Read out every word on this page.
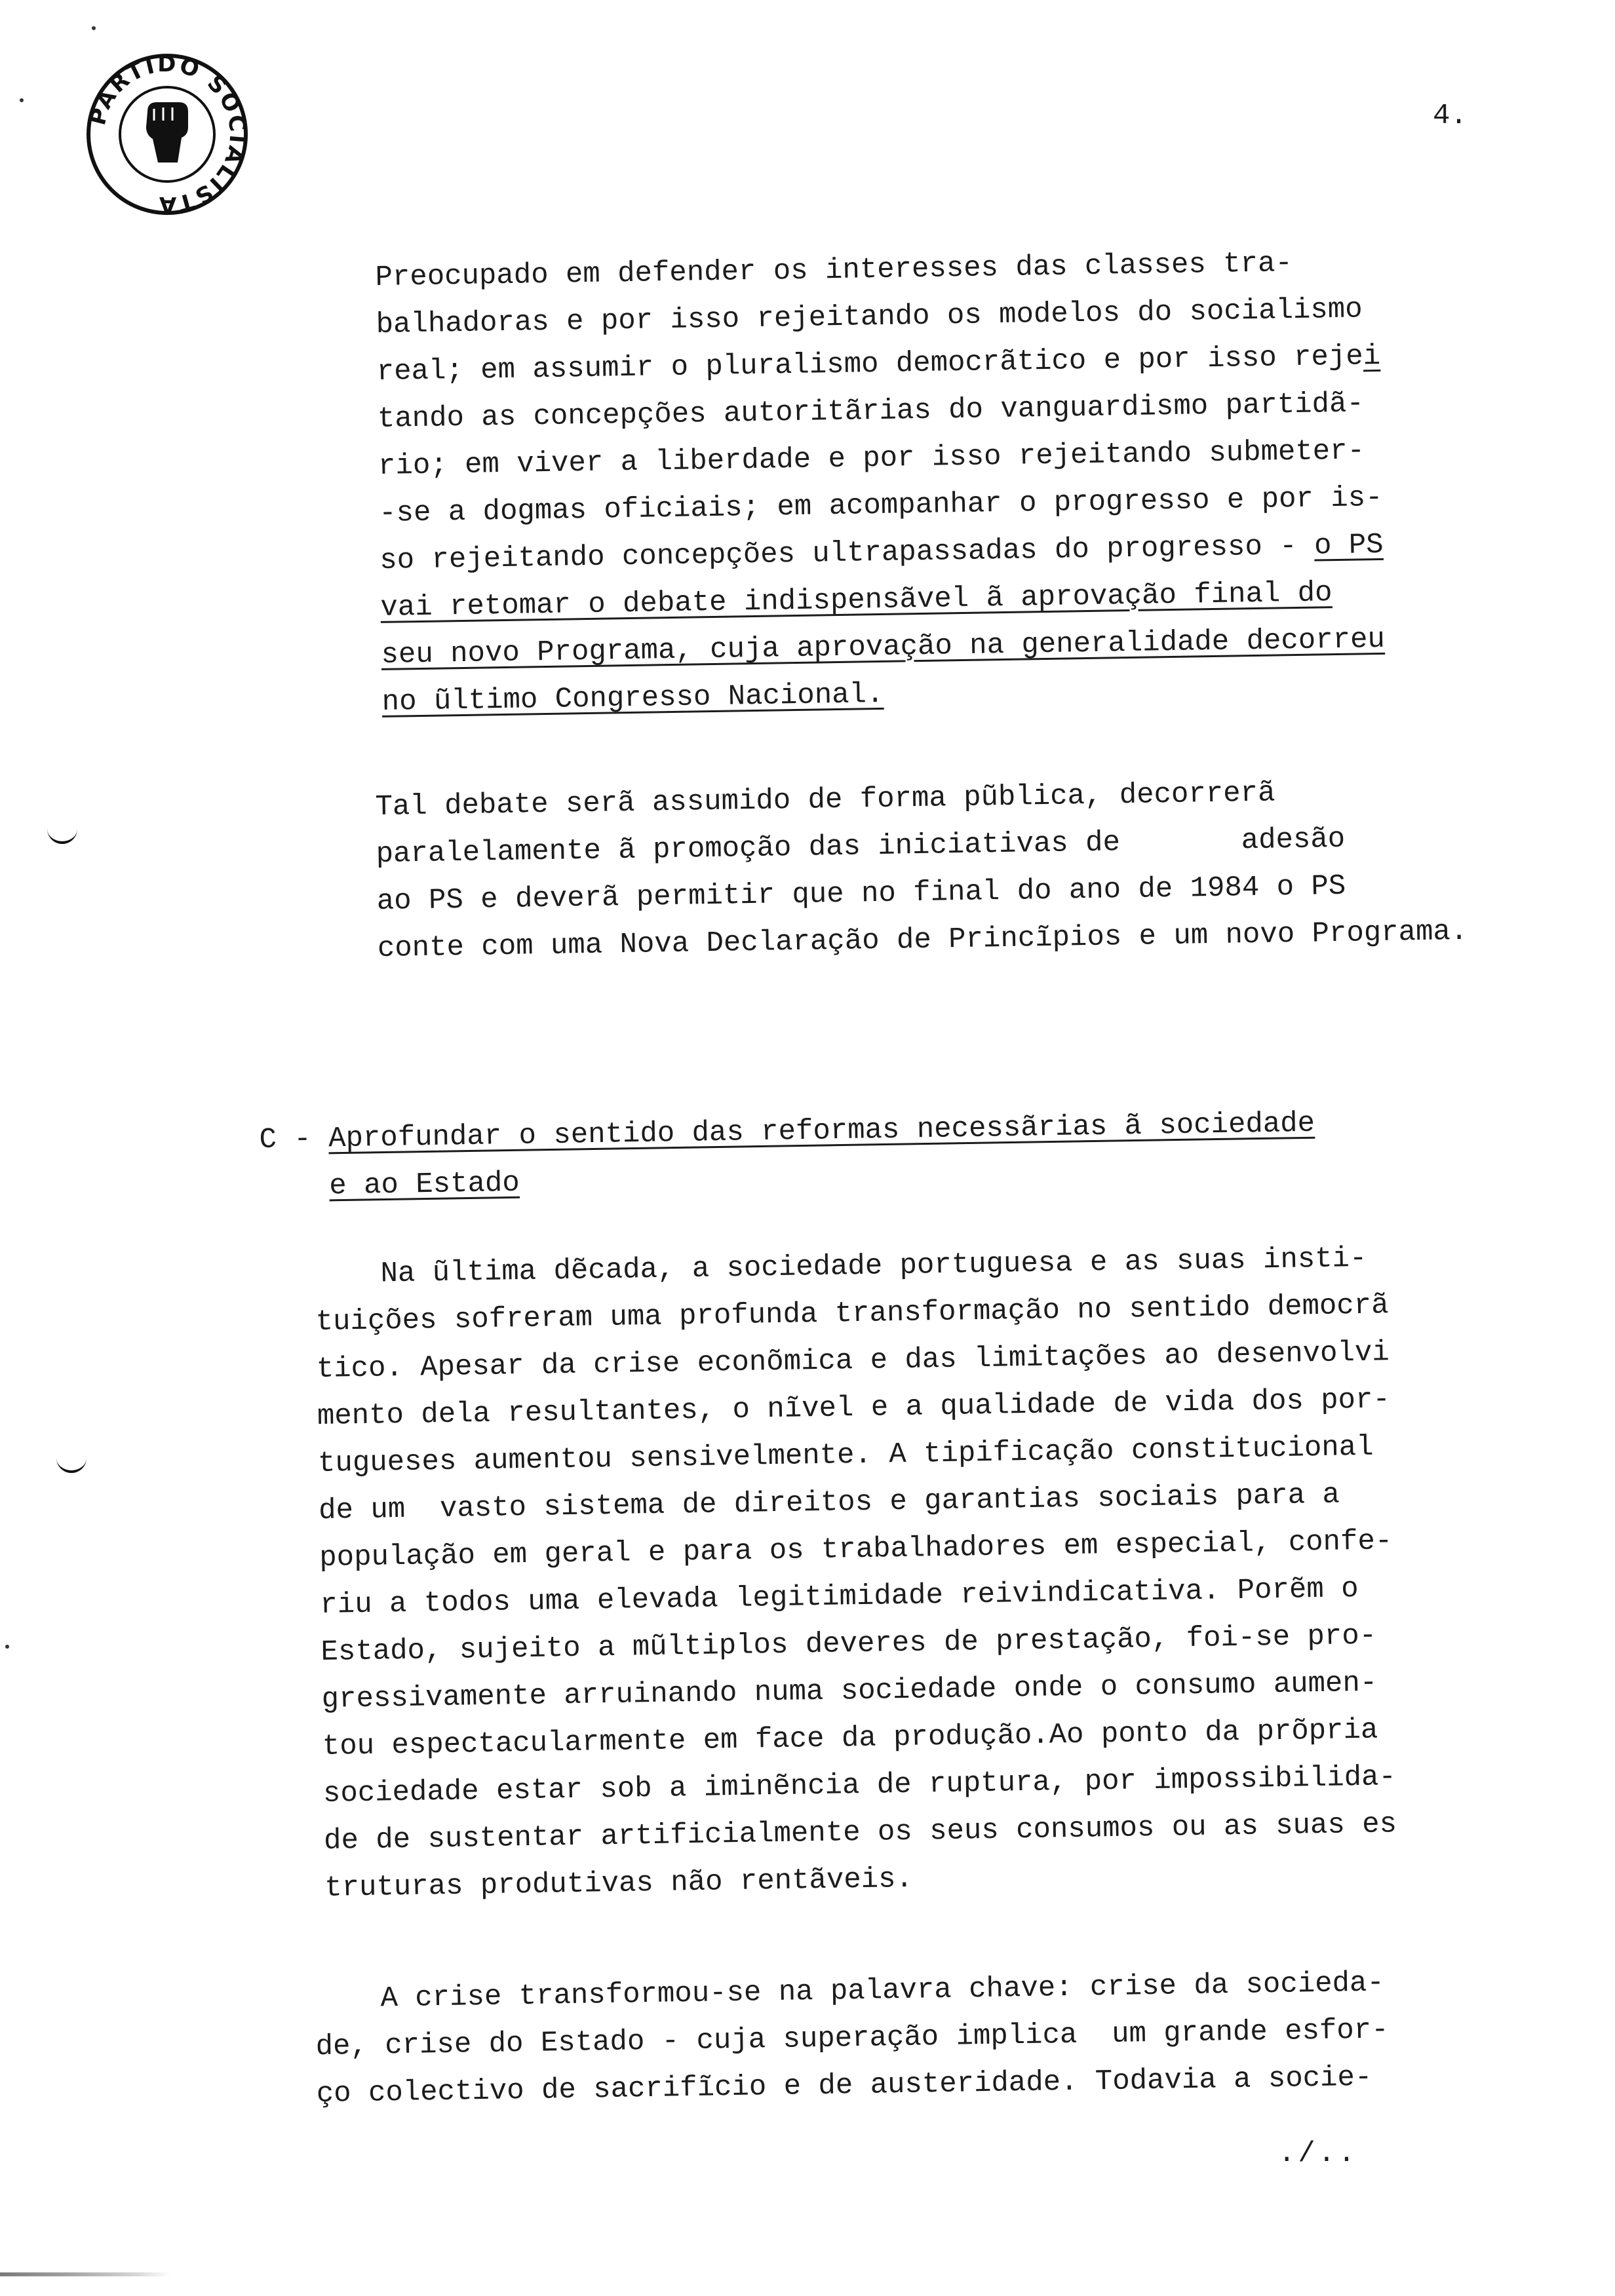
PARTIDO SOCIALISTA
4.
Preocupado em defender os interesses das classes tra-
balhadoras e por isso rejeitando os modelos do socialismo
real; em assumir o pluralismo democrãtico e por isso rejei
tando as concepções autoritãrias do vanguardismo partidã-
rio; em viver a liberdade e por isso rejeitando submeter-
-se a dogmas oficiais; em acompanhar o progresso e por is-
so rejeitando concepções ultrapassadas do progresso - o PS
vai retomar o debate indispensãvel ã aprovação final do
seu novo Programa, cuja aprovação na generalidade decorreu
no ũltimo Congresso Nacional.
Tal debate serã assumido de forma pũblica, decorrerã
paralelamente ã promoção das iniciativas de       adesão
ao PS e deverã permitir que no final do ano de 1984 o PS
conte com uma Nova Declaração de Princĩpios e um novo Programa.
C - Aprofundar o sentido das reformas necessãrias ã sociedade
e ao Estado
Na ũltima dẽcada, a sociedade portuguesa e as suas insti-
tuições sofreram uma profunda transformação no sentido democrã
tico. Apesar da crise econõmica e das limitações ao desenvolvi
mento dela resultantes, o nĩvel e a qualidade de vida dos por-
tugueses aumentou sensivelmente. A tipificação constitucional
de um  vasto sistema de direitos e garantias sociais para a
população em geral e para os trabalhadores em especial, confe-
riu a todos uma elevada legitimidade reivindicativa. Porẽm o
Estado, sujeito a mũltiplos deveres de prestação, foi-se pro-
gressivamente arruinando numa sociedade onde o consumo aumen-
tou espectacularmente em face da produção.Ao ponto da prõpria
sociedade estar sob a iminẽncia de ruptura, por impossibilida-
de de sustentar artificialmente os seus consumos ou as suas es
truturas produtivas não rentãveis.
A crise transformou-se na palavra chave: crise da socieda-
de, crise do Estado - cuja superação implica  um grande esfor-
ço colectivo de sacrifĩcio e de austeridade. Todavia a socie-
./..
